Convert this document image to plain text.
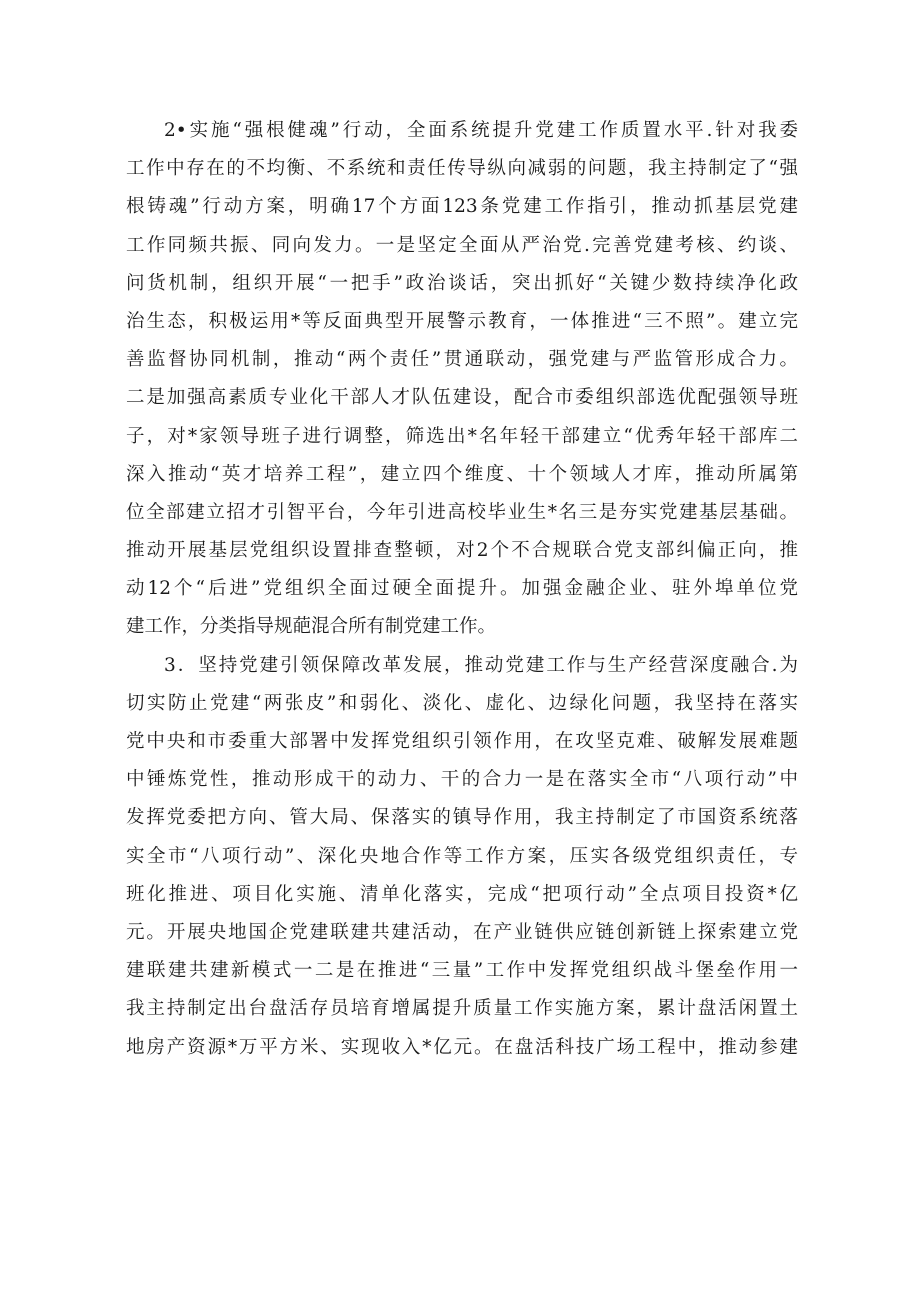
2•实施“强根健魂”行动，全面系统提升党建工作质置水平.针对我委
工作中存在的不均衡、不系统和责任传导纵向减弱的问题，我主持制定了“强
根铸魂”行动方案，明确17个方面123条党建工作指引，推动抓基层党建
工作同频共振、同向发力。一是坚定全面从严治党.完善党建考核、约谈、
问货机制，组织开展“一把手”政治谈话，突出抓好“关键少数持续净化政
治生态，积极运用*等反面典型开展警示教育，一体推进“三不照”。建立完
善监督协同机制，推动“两个责任”贯通联动，强党建与严监管形成合力。
二是加强高素质专业化干部人才队伍建设，配合市委组织部选优配强领导班
子，对*家领导班子进行调整，筛选出*名年轻干部建立“优秀年轻干部库二
深入推动“英才培养工程”，建立四个维度、十个领域人才库，推动所属第
位全部建立招才引智平台，今年引进高校毕业生*名三是夯实党建基层基础。
推动开展基层党组织设置排查整顿，对2个不合规联合党支部纠偏正向，推
动12个“后进”党组织全面过硬全面提升。加强金融企业、驻外埠单位党
建工作，分类指导规葩混合所有制党建工作。
3．坚持党建引领保障改革发展，推动党建工作与生产经营深度融合.为
切实防止党建“两张皮”和弱化、淡化、虚化、边绿化问题，我坚持在落实
党中央和市委重大部署中发挥党组织引领作用，在攻坚克难、破解发展难题
中锤炼党性，推动形成干的动力、干的合力一是在落实全市“八项行动”中
发挥党委把方向、管大局、保落实的镇导作用，我主持制定了市国资系统落
实全市“八项行动”、深化央地合作等工作方案，压实各级党组织责任，专
班化推进、项目化实施、清单化落实，完成“把项行动”全点项目投资*亿
元。开展央地国企党建联建共建活动，在产业链供应链创新链上探索建立党
建联建共建新模式一二是在推进“三量”工作中发挥党组织战斗堡垒作用一
我主持制定出台盘活存员培育增属提升质量工作实施方案，累计盘活闲置土
地房产资源*万平方米、实现收入*亿元。在盘活科技广场工程中，推动参建
